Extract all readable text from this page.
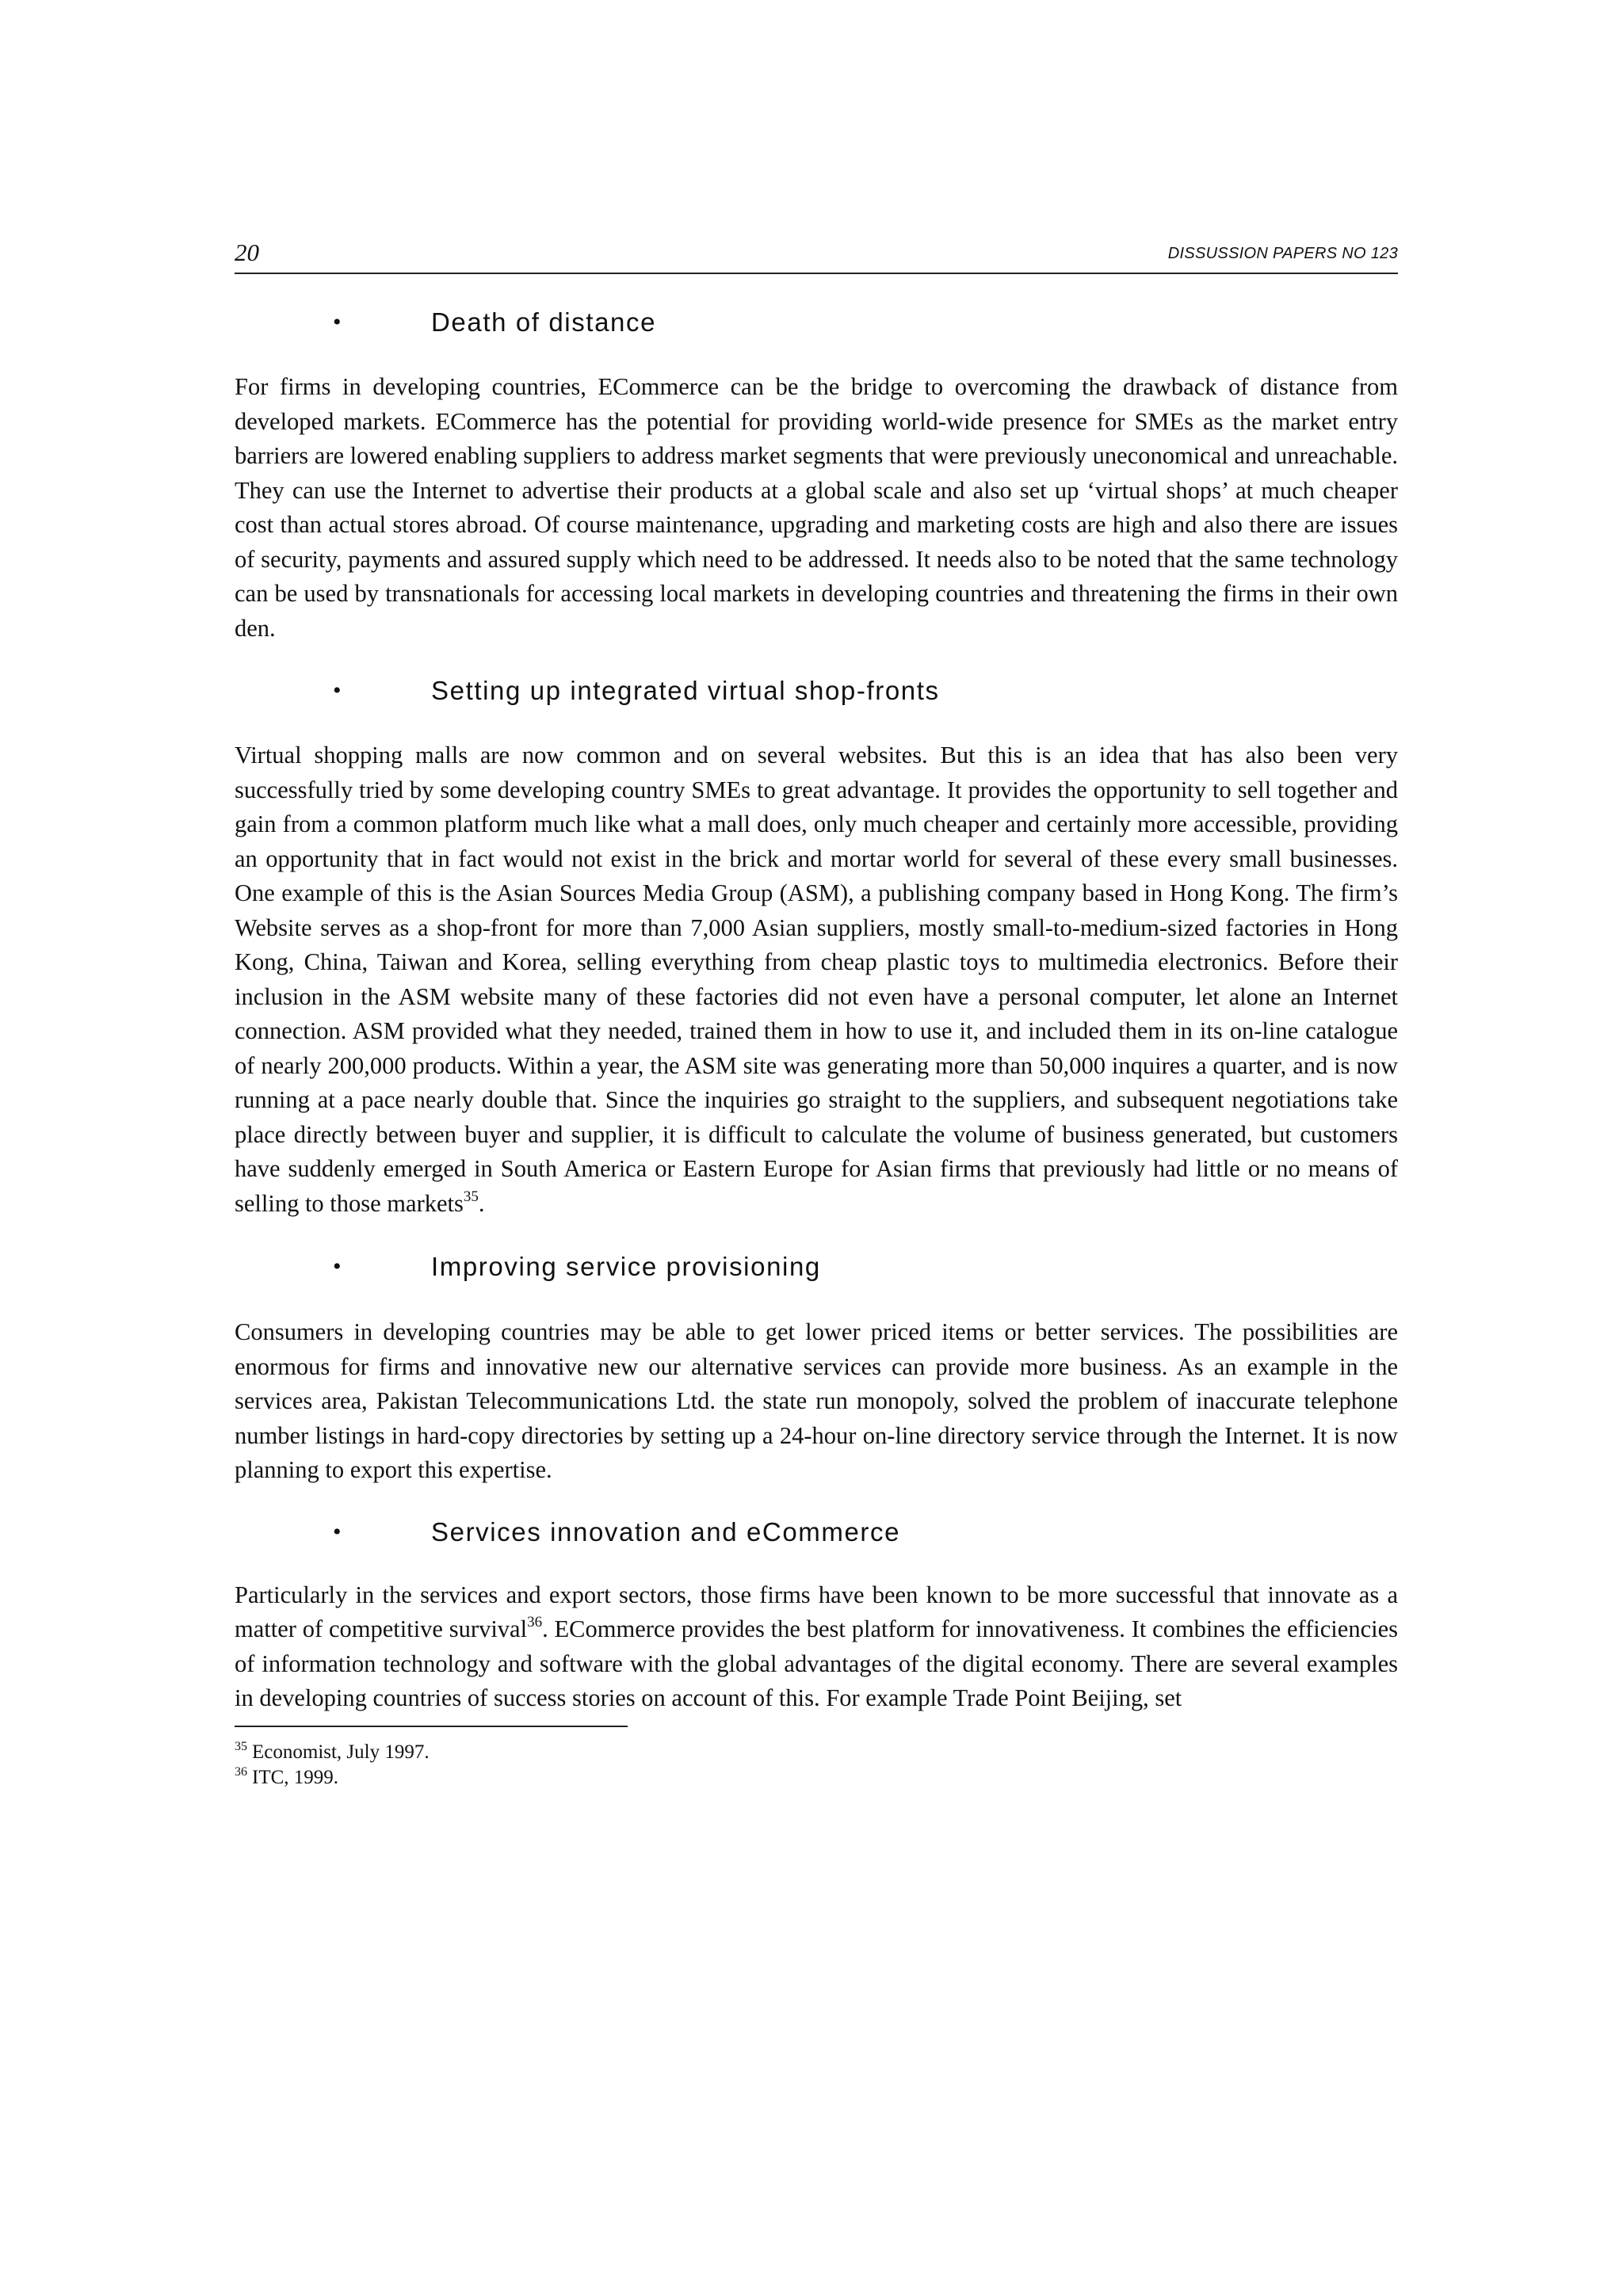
20	DISSUSSION PAPERS NO 123
•	Death of distance

For firms in developing countries, ECommerce can be the bridge to overcoming the drawback of distance from developed markets. ECommerce has the potential for providing world-wide presence for SMEs as the market entry barriers are lowered enabling suppliers to address market segments that were previously uneconomical and unreachable. They can use the Internet to advertise their products at a global scale and also set up ‘virtual shops’ at much cheaper cost than actual stores abroad. Of course maintenance, upgrading and marketing costs are high and also there are issues of security, payments and assured supply which need to be addressed. It needs also to be noted that the same technology can be used by transnationals for accessing local markets in developing countries and threatening the firms in their own den.

•	Setting up integrated virtual shop-fronts

Virtual shopping malls are now common and on several websites. But this is an idea that has also been very successfully tried by some developing country SMEs to great advantage. It provides the opportunity to sell together and gain from a common platform much like what a mall does, only much cheaper and certainly more accessible, providing an opportunity that in fact would not exist in the brick and mortar world for several of these every small businesses. One example of this is the Asian Sources Media Group (ASM), a publishing company based in Hong Kong. The firm’s Website serves as a shop-front for more than 7,000 Asian suppliers, mostly small-to-medium-sized factories in Hong Kong, China, Taiwan and Korea, selling everything from cheap plastic toys to multimedia electronics. Before their inclusion in the ASM website many of these factories did not even have a personal computer, let alone an Internet connection. ASM provided what they needed, trained them in how to use it, and included them in its on-line catalogue of nearly 200,000 products. Within a year, the ASM site was generating more than 50,000 inquires a quarter, and is now running at a pace nearly double that. Since the inquiries go straight to the suppliers, and subsequent negotiations take place directly between buyer and supplier, it is difficult to calculate the volume of business generated, but customers have suddenly emerged in South America or Eastern Europe for Asian firms that previously had little or no means of selling to those markets$^{35}$.

•	Improving service provisioning

Consumers in developing countries may be able to get lower priced items or better services. The possibilities are enormous for firms and innovative new our alternative services can provide more business. As an example in the services area, Pakistan Telecommunications Ltd. the state run monopoly, solved the problem of inaccurate telephone number listings in hard-copy directories by setting up a 24-hour on-line directory service through the Internet. It is now planning to export this expertise.

•	Services innovation and eCommerce

Particularly in the services and export sectors, those firms have been known to be more successful that innovate as a matter of competitive survival$^{36}$. ECommerce provides the best platform for innovativeness. It combines the efficiencies of information technology and software with the global advantages of the digital economy. There are several examples in developing countries of success stories on account of this. For example Trade Point Beijing, set

$^{35}$ Economist, July 1997.

$^{36}$ ITC, 1999.
